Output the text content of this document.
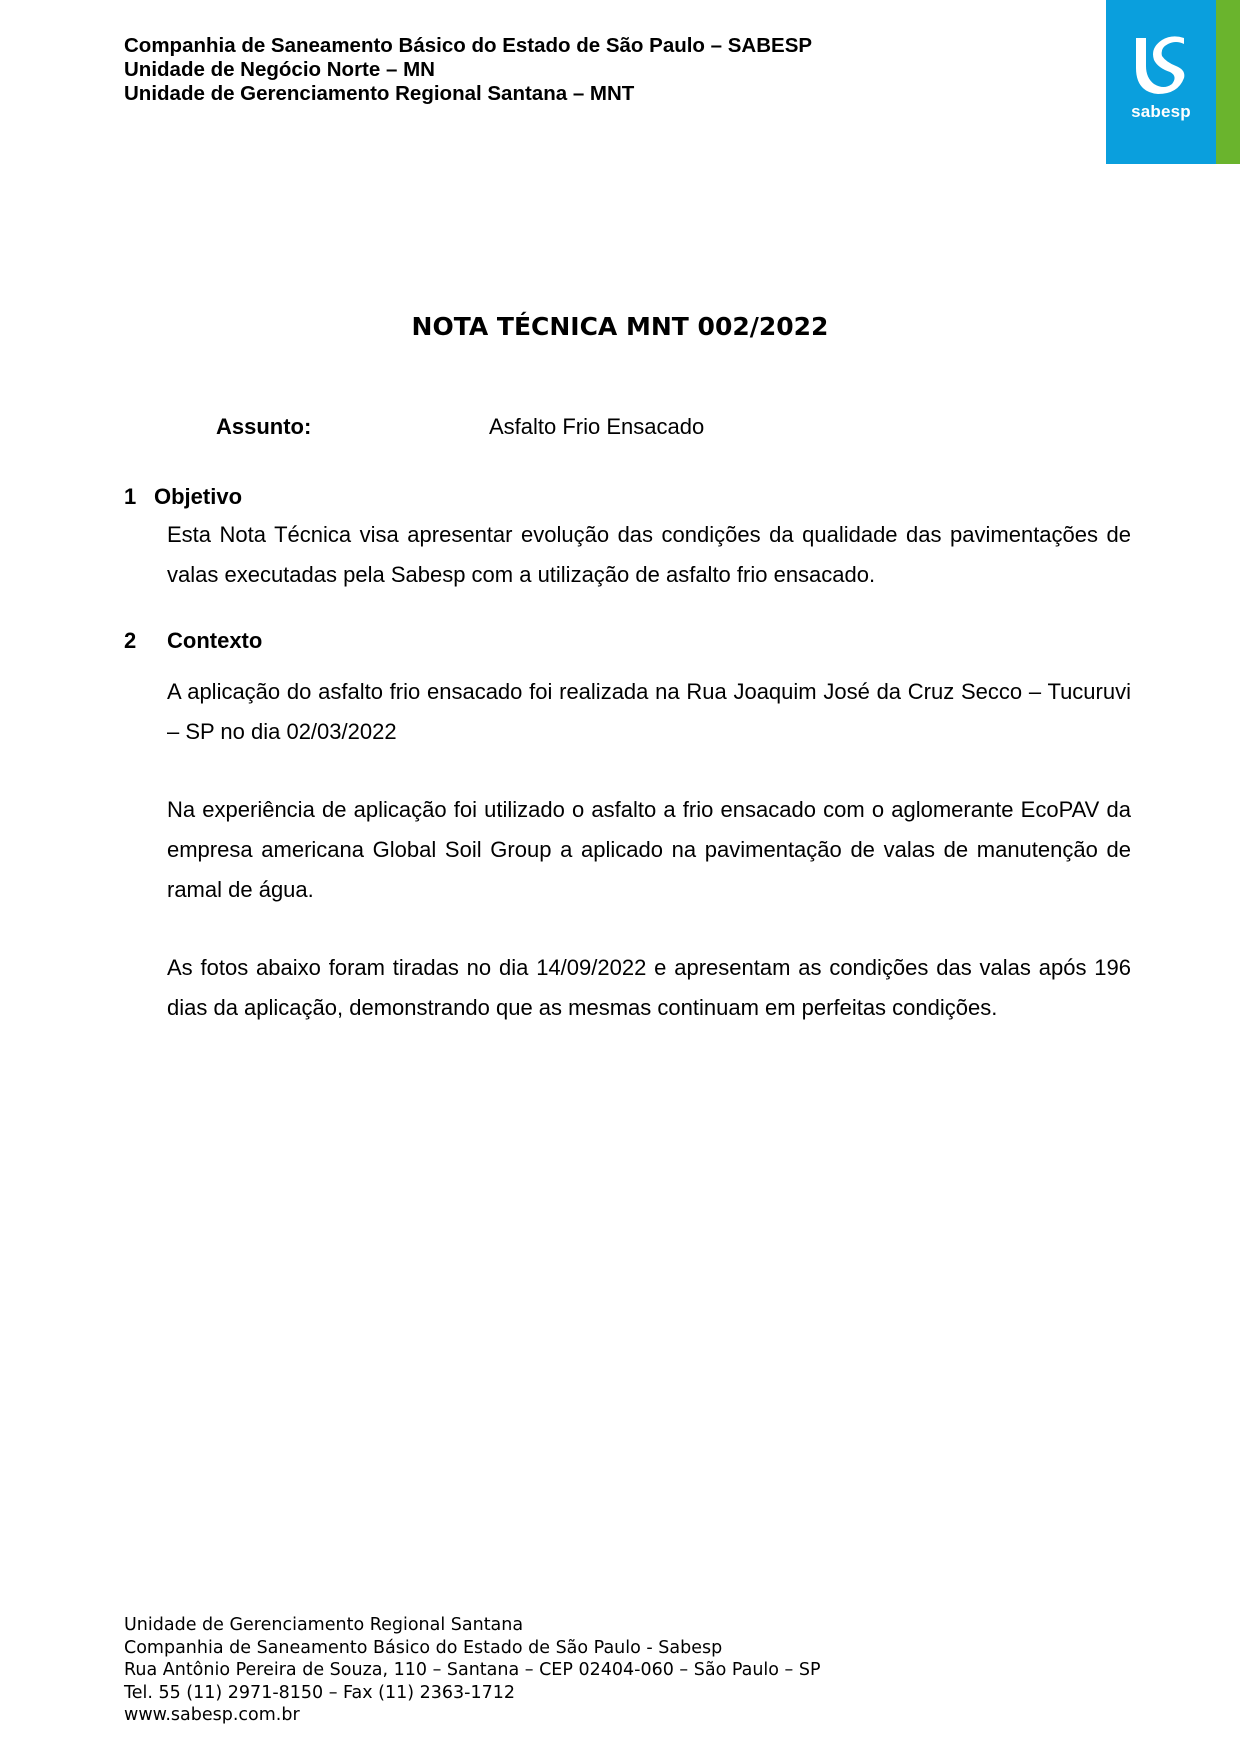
Companhia de Saneamento Básico do Estado de São Paulo – SABESP
Unidade de Negócio Norte – MN
Unidade de Gerenciamento Regional Santana – MNT
sabesp
NOTA TÉCNICA MNT 002/2022
Assunto:	Asfalto Frio Ensacado
1 Objetivo
Esta Nota Técnica visa apresentar evolução das condições da qualidade das pavimentações de valas executadas pela Sabesp com a utilização de asfalto frio ensacado.
2 Contexto
A aplicação do asfalto frio ensacado foi realizada na Rua Joaquim José da Cruz Secco – Tucuruvi – SP no dia 02/03/2022
Na experiência de aplicação foi utilizado o asfalto a frio ensacado com o aglomerante EcoPAV da empresa americana Global Soil Group a aplicado na pavimentação de valas de manutenção de ramal de água.
As fotos abaixo foram tiradas no dia 14/09/2022 e apresentam as condições das valas após 196 dias da aplicação, demonstrando que as mesmas continuam em perfeitas condições.
Unidade de Gerenciamento Regional Santana
Companhia de Saneamento Básico do Estado de São Paulo - Sabesp
Rua Antônio Pereira de Souza, 110 – Santana – CEP 02404-060 – São Paulo – SP
Tel. 55 (11) 2971-8150 – Fax (11) 2363-1712
www.sabesp.com.br
